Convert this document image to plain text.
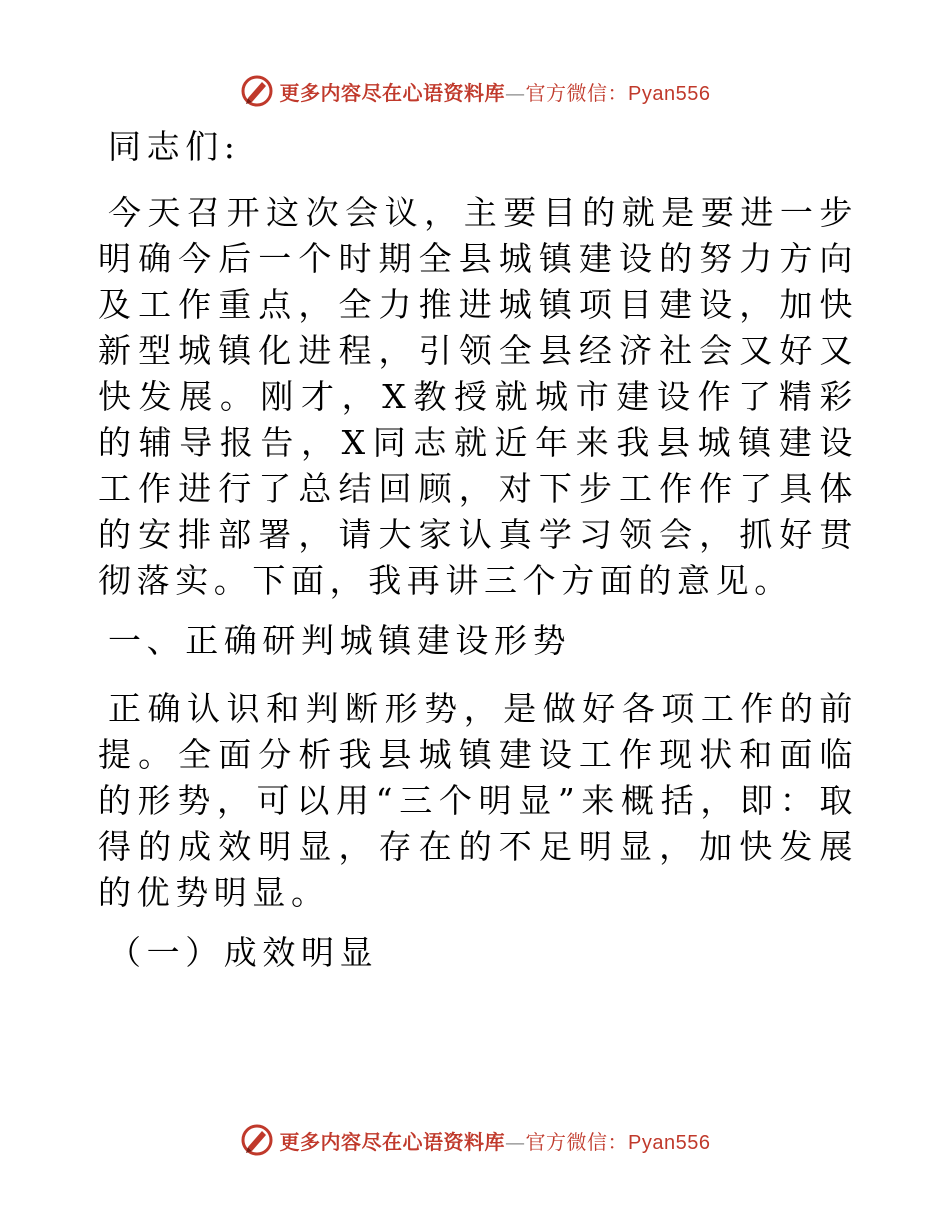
更多内容尽在心语资料库—官方微信：Pyan556

同志们:

今天召开这次会议，主要目的就是要进一步明确今后一个时期全县城镇建设的努力方向及工作重点，全力推进城镇项目建设，加快新型城镇化进程，引领全县经济社会又好又快发展。刚才，X教授就城市建设作了精彩的辅导报告，X同志就近年来我县城镇建设工作进行了总结回顾，对下步工作作了具体的安排部署，请大家认真学习领会，抓好贯彻落实。下面，我再讲三个方面的意见。

一、正确研判城镇建设形势

正确认识和判断形势，是做好各项工作的前提。全面分析我县城镇建设工作现状和面临的形势，可以用“三个明显”来概括，即：取得的成效明显，存在的不足明显，加快发展的优势明显。

（一）成效明显

更多内容尽在心语资料库—官方微信：Pyan556
